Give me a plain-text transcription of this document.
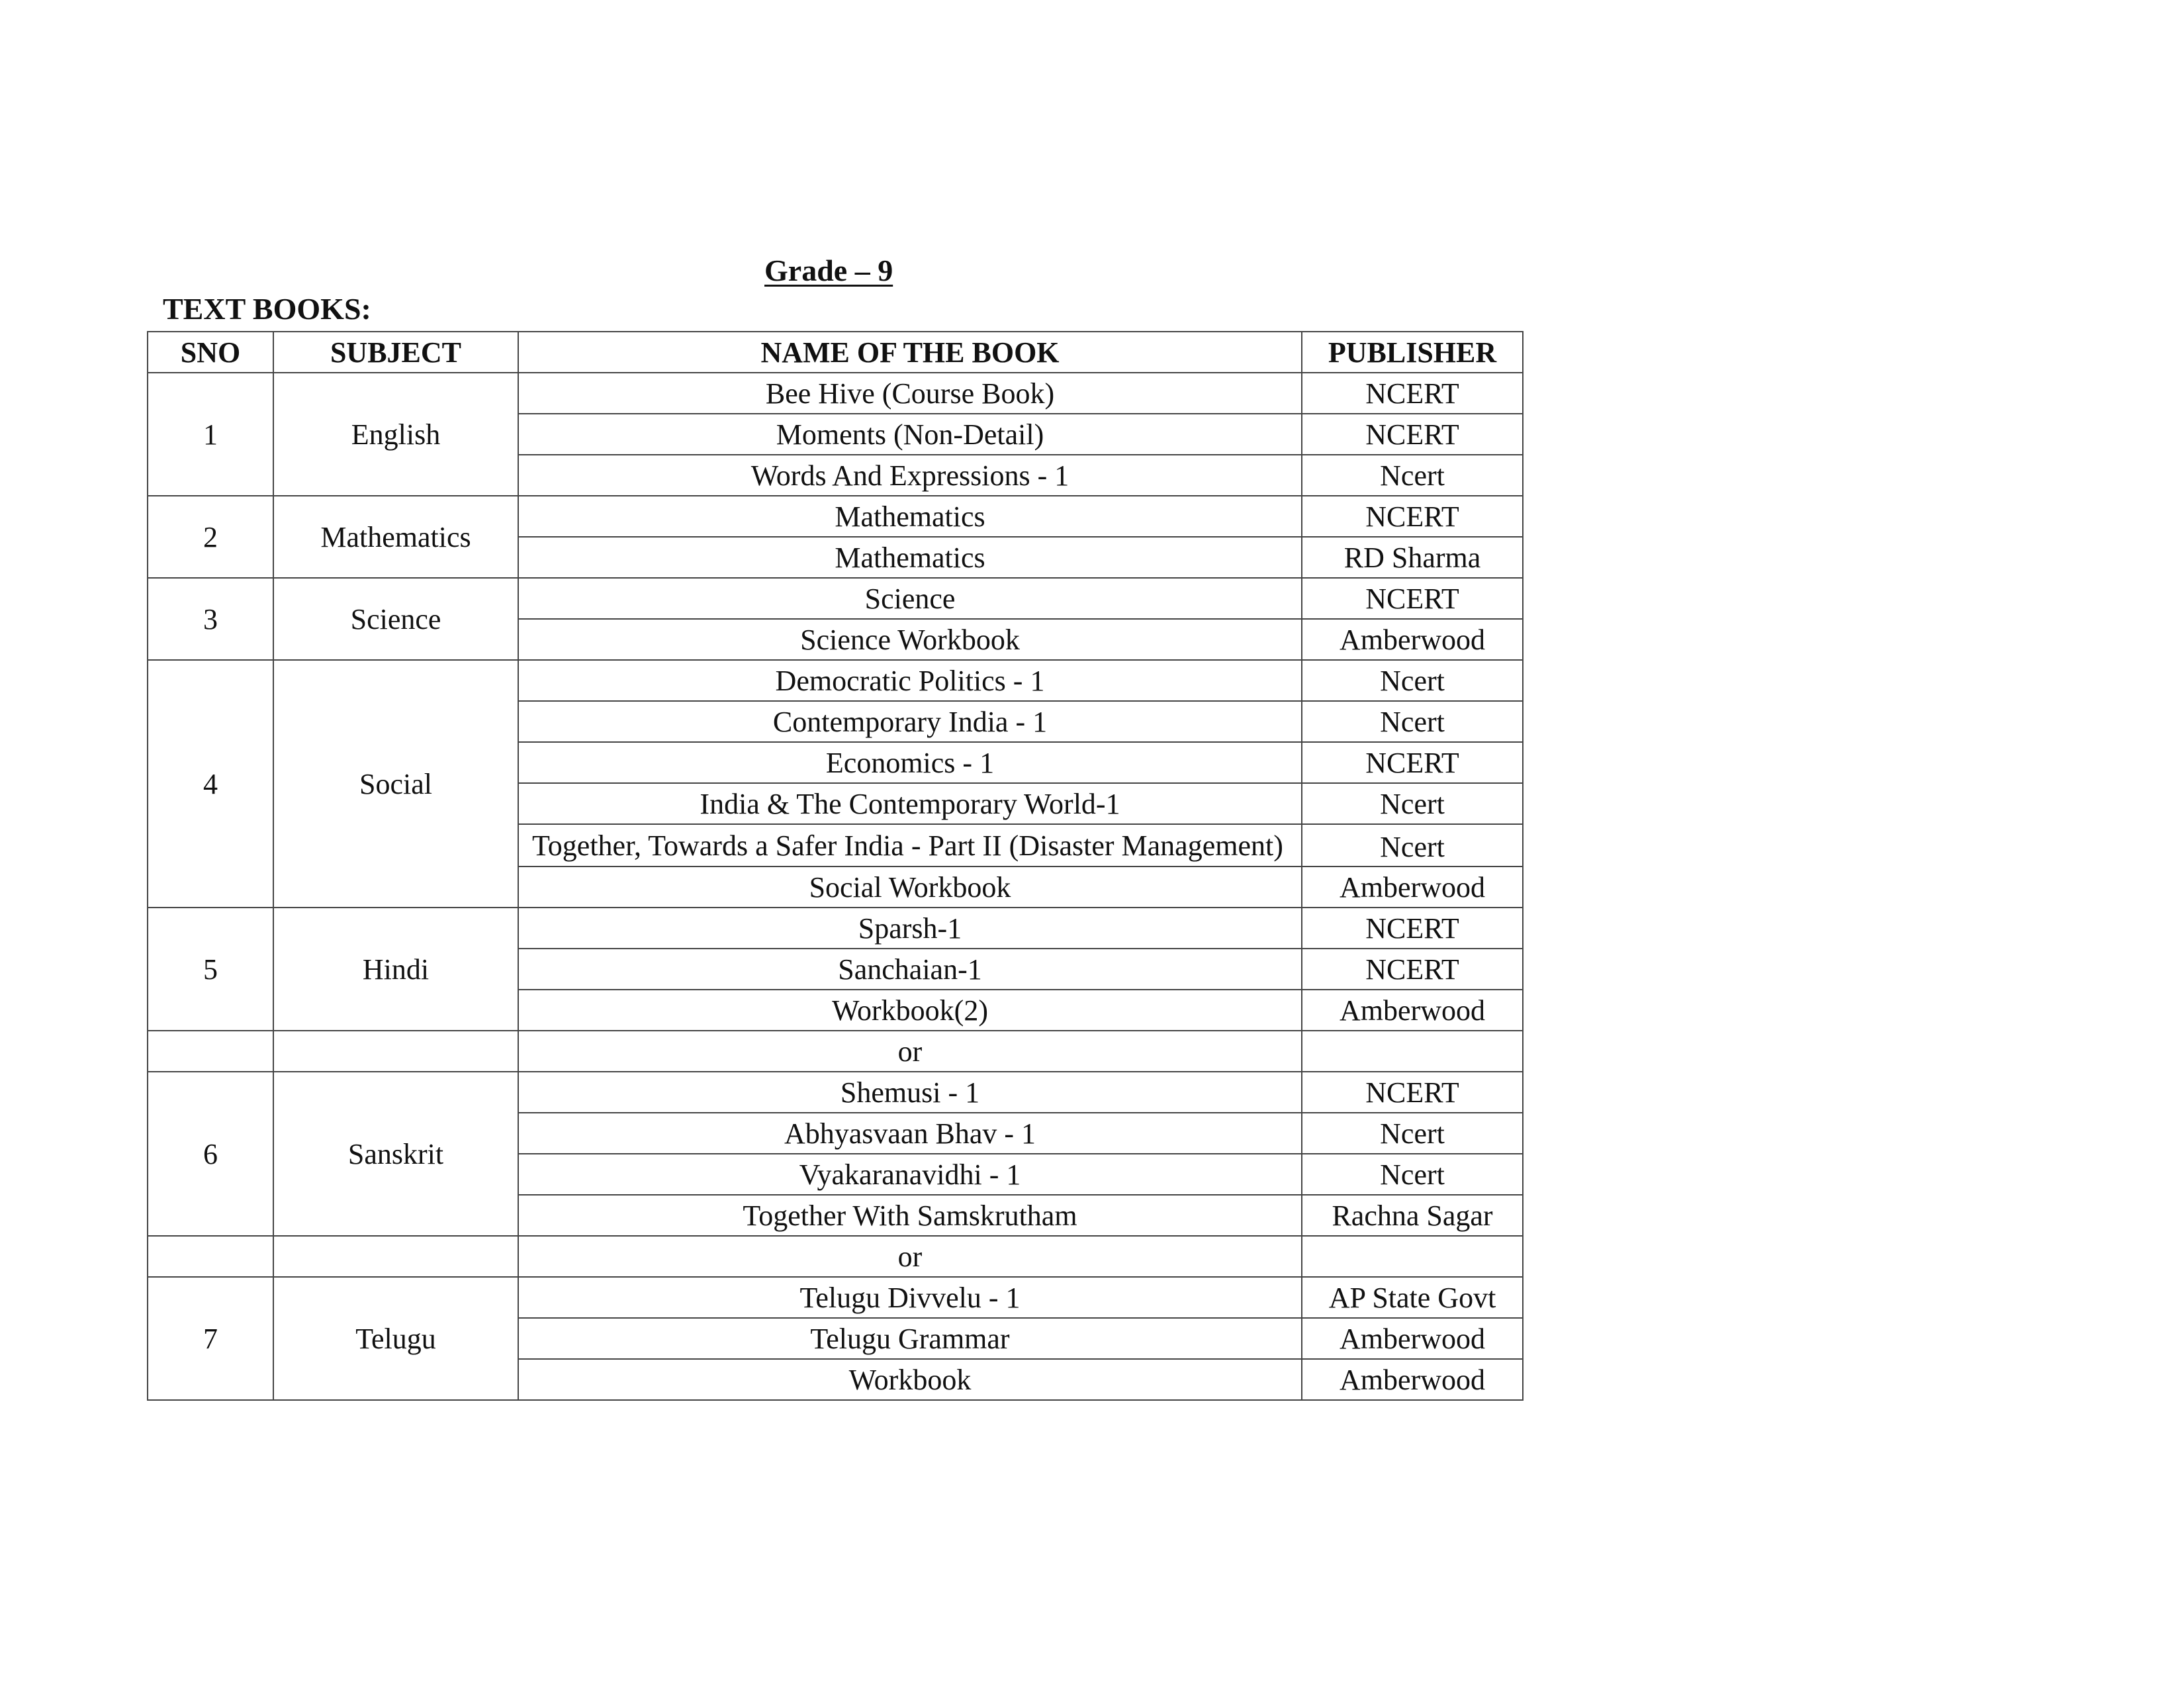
Grade – 9
TEXT BOOKS:
SNO	SUBJECT	NAME OF THE BOOK	PUBLISHER
1	English	Bee Hive (Course Book)	NCERT
		Moments (Non-Detail)	NCERT
		Words And Expressions - 1	Ncert
2	Mathematics	Mathematics	NCERT
		Mathematics	RD Sharma
3	Science	Science	NCERT
		Science Workbook	Amberwood
4	Social	Democratic Politics - 1	Ncert
		Contemporary India - 1	Ncert
		Economics - 1	NCERT
		India & The Contemporary World-1	Ncert
		Together, Towards a Safer India - Part II (Disaster Management)	Ncert
		Social Workbook	Amberwood
5	Hindi	Sparsh-1	NCERT
		Sanchaian-1	NCERT
		Workbook(2)	Amberwood
		or	
6	Sanskrit	Shemusi - 1	NCERT
		Abhyasvaan Bhav - 1	Ncert
		Vyakaranavidhi - 1	Ncert
		Together With Samskrutham	Rachna Sagar
		or	
7	Telugu	Telugu Divvelu - 1	AP State Govt
		Telugu Grammar	Amberwood
		Workbook	Amberwood
